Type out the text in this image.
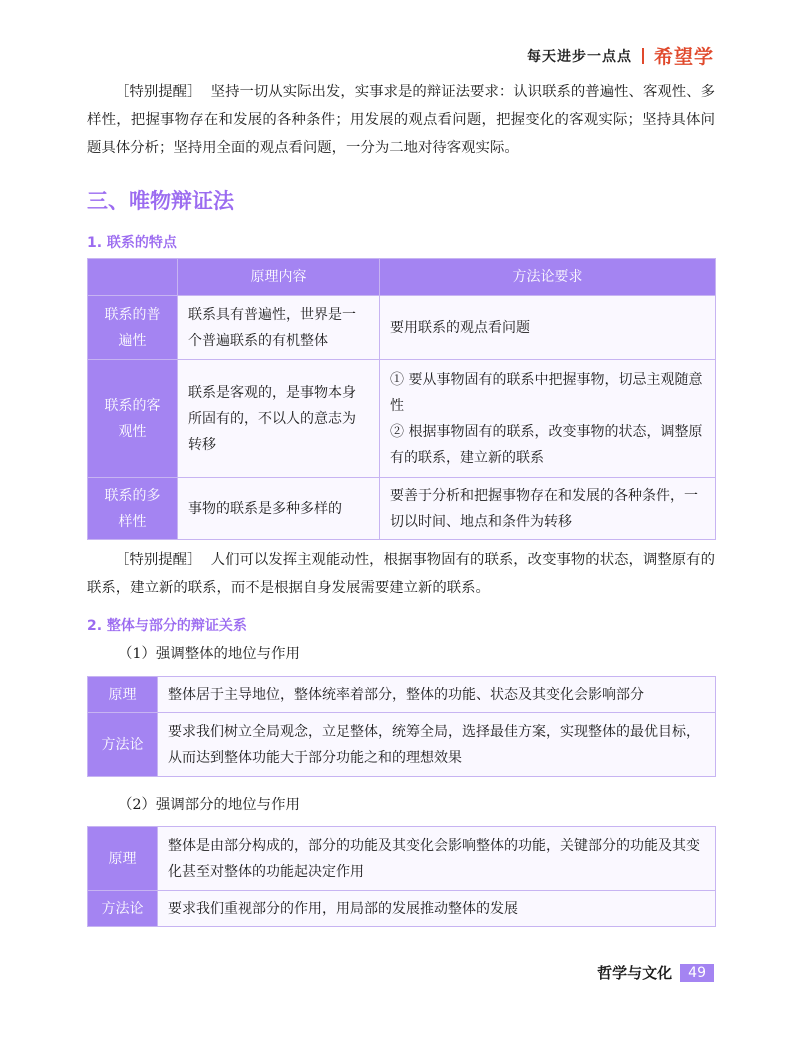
每天进步一点点 希望学

［特别提醒］ 坚持一切从实际出发，实事求是的辩证法要求：认识联系的普遍性、客观性、多样性，把握事物存在和发展的各种条件；用发展的观点看问题，把握变化的客观实际；坚持具体问题具体分析；坚持用全面的观点看问题，一分为二地对待客观实际。

三、唯物辩证法
1. 联系的特点
	原理内容	方法论要求
联系的普遍性	联系具有普遍性，世界是一个普遍联系的有机整体	要用联系的观点看问题
联系的客观性	联系是客观的，是事物本身所固有的，不以人的意志为转移	① 要从事物固有的联系中把握事物，切忌主观随意性
② 根据事物固有的联系，改变事物的状态，调整原有的联系，建立新的联系

联系的多样性	事物的联系是多种多样的	要善于分析和把握事物存在和发展的各种条件，一切以时间、地点和条件为转移

［特别提醒］ 人们可以发挥主观能动性，根据事物固有的联系，改变事物的状态，调整原有的联系，建立新的联系，而不是根据自身发展需要建立新的联系。

2. 整体与部分的辩证关系
（1）强调整体的地位与作用
原理	整体居于主导地位，整体统率着部分，整体的功能、状态及其变化会影响部分
方法论	要求我们树立全局观念，立足整体，统筹全局，选择最佳方案，实现整体的最优目标，从而达到整体功能大于部分功能之和的理想效果
（2）强调部分的地位与作用
原理	整体是由部分构成的，部分的功能及其变化会影响整体的功能，关键部分的功能及其变化甚至对整体的功能起决定作用
方法论	要求我们重视部分的作用，用局部的发展推动整体的发展
哲学与文化	49
